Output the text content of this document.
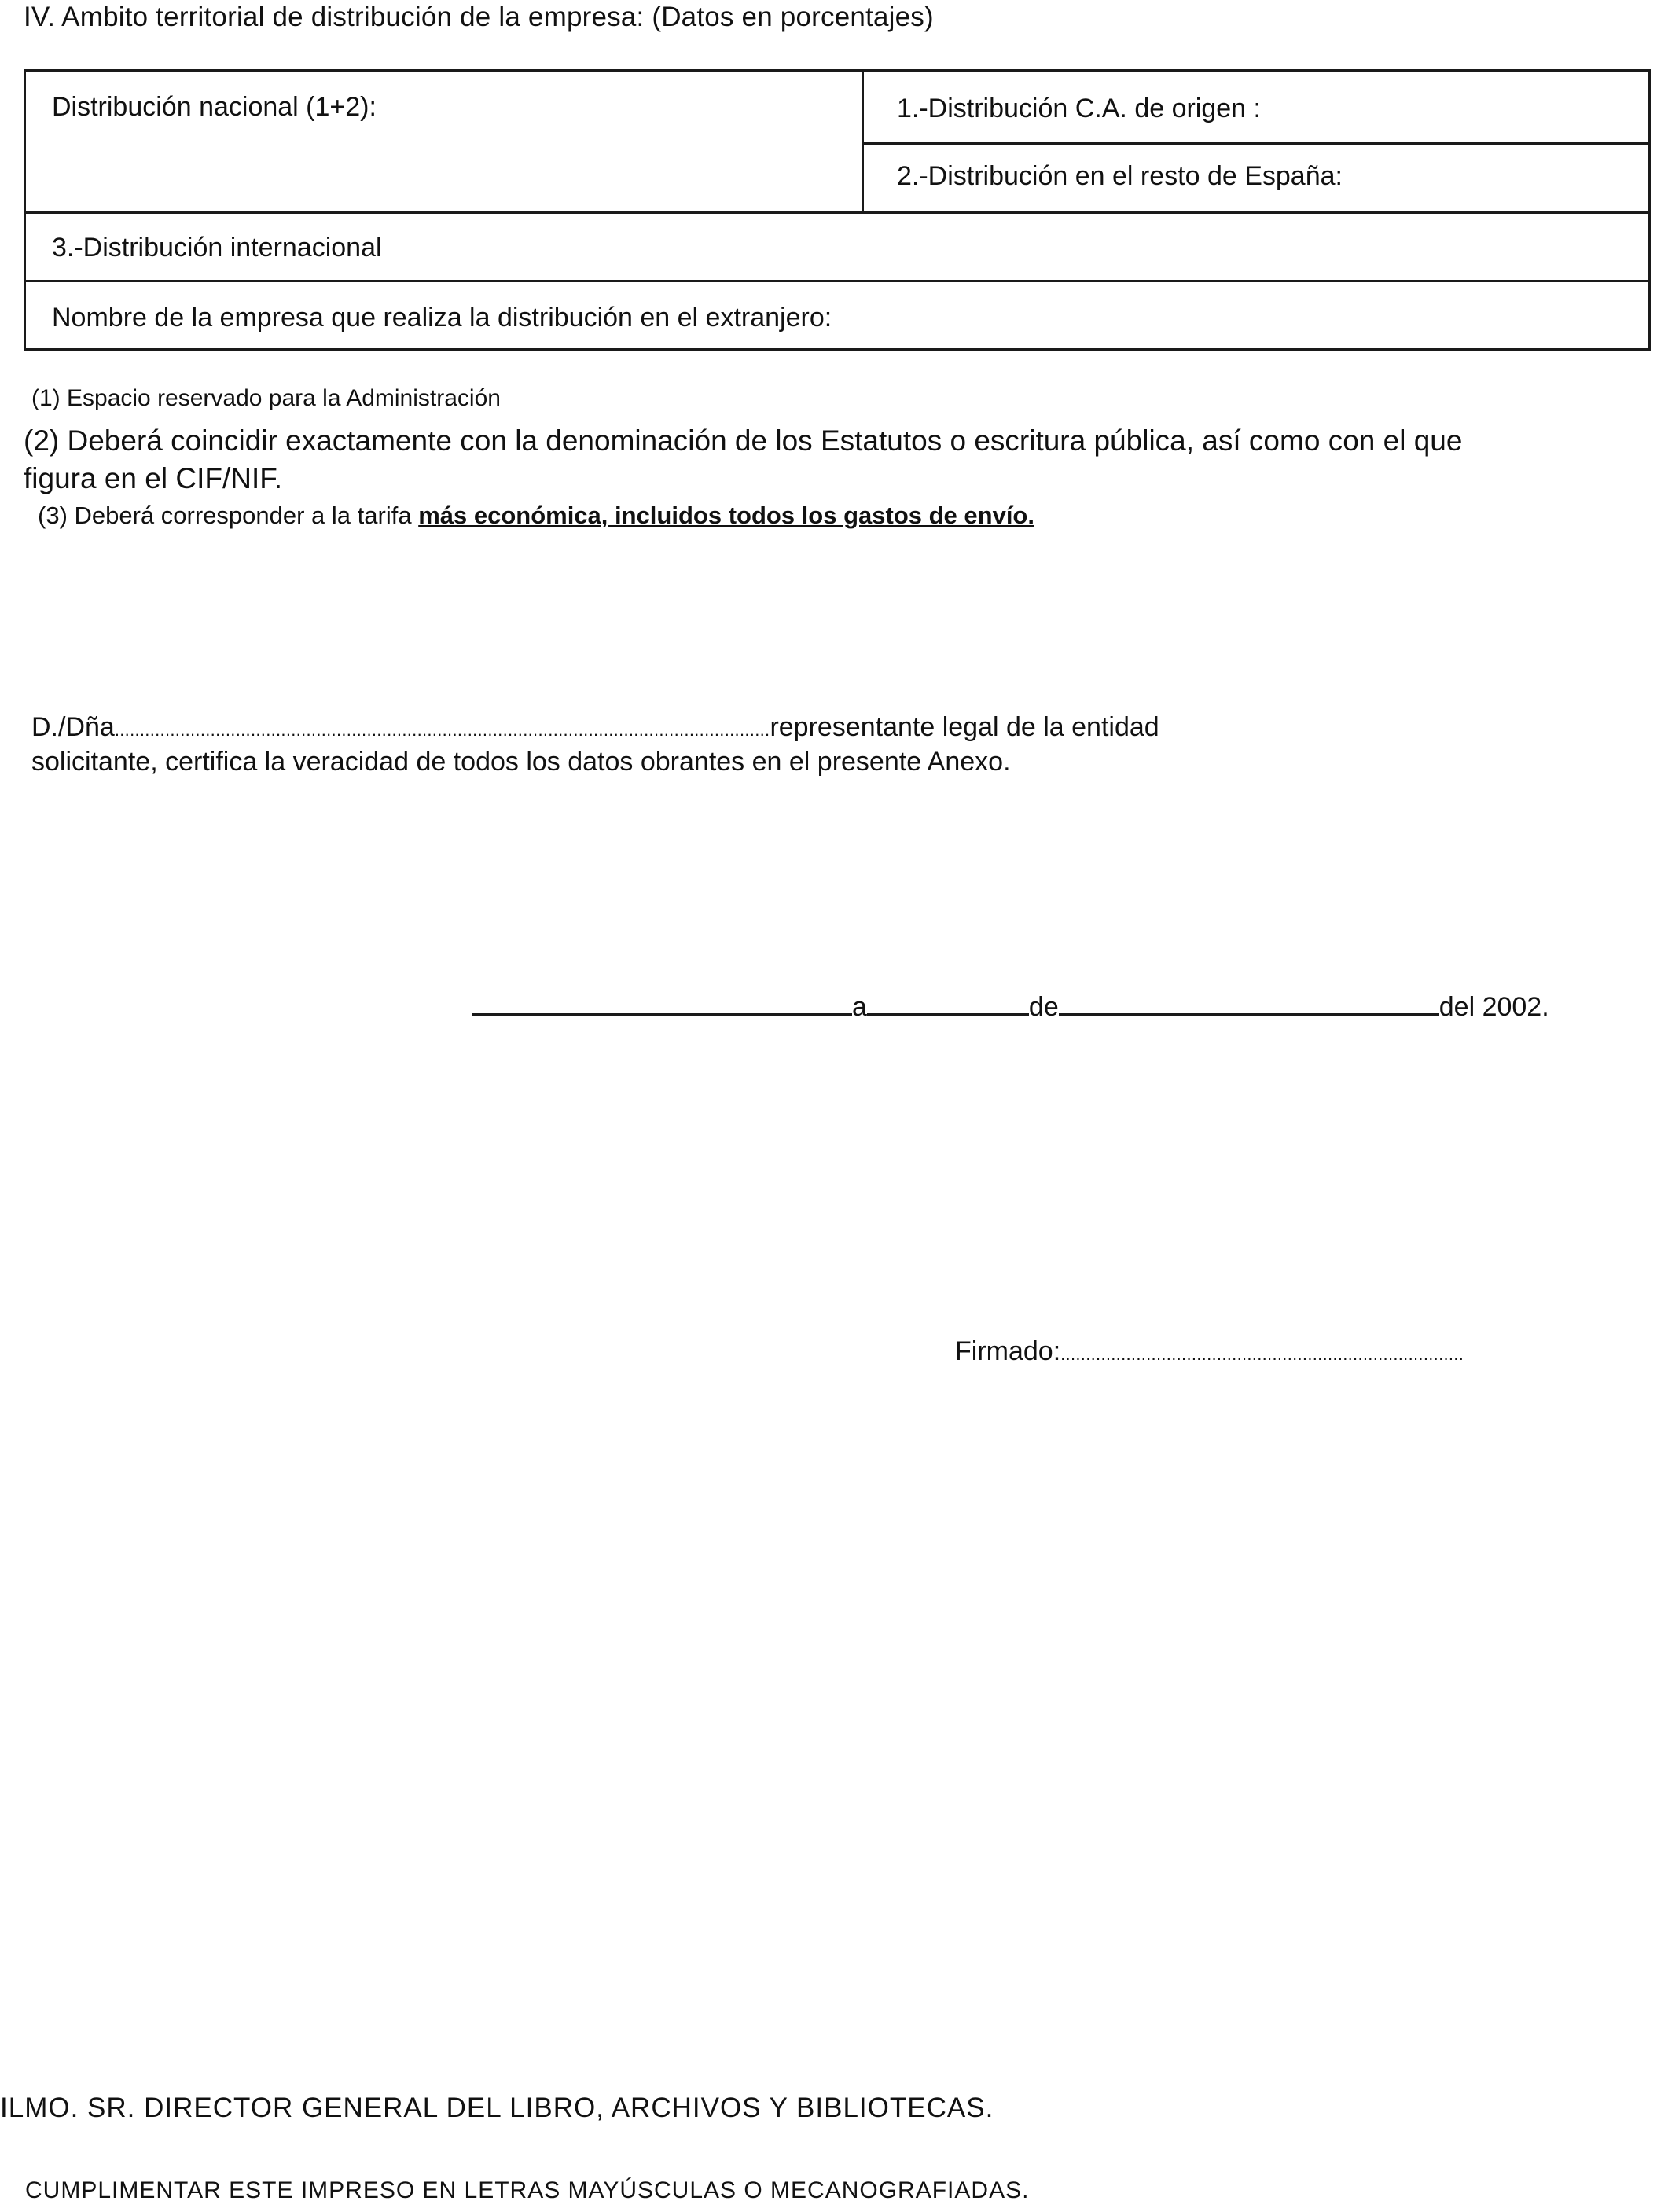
IV. Ambito territorial de distribución de la empresa: (Datos en porcentajes)
Distribución nacional (1+2):	1.-Distribución C.A. de origen :
2.-Distribución en el resto de España:
3.-Distribución internacional
Nombre de la empresa que realiza la distribución en el extranjero:
(1) Espacio reservado para la Administración
(2) Deberá coincidir exactamente con la denominación de los Estatutos o escritura pública, así como con el que
figura en el CIF/NIF.
(3) Deberá corresponder a la tarifa más económica, incluidos todos los gastos de envío.
D./Dña..................................................................................................................................representante legal de la entidad
solicitante, certifica la veracidad de todos los datos obrantes en el presente Anexo.
a	de	del 2002.
Firmado:................................................................................
ILMO. SR. DIRECTOR GENERAL DEL LIBRO, ARCHIVOS Y BIBLIOTECAS.
CUMPLIMENTAR ESTE IMPRESO EN LETRAS MAYÚSCULAS O MECANOGRAFIADAS.
